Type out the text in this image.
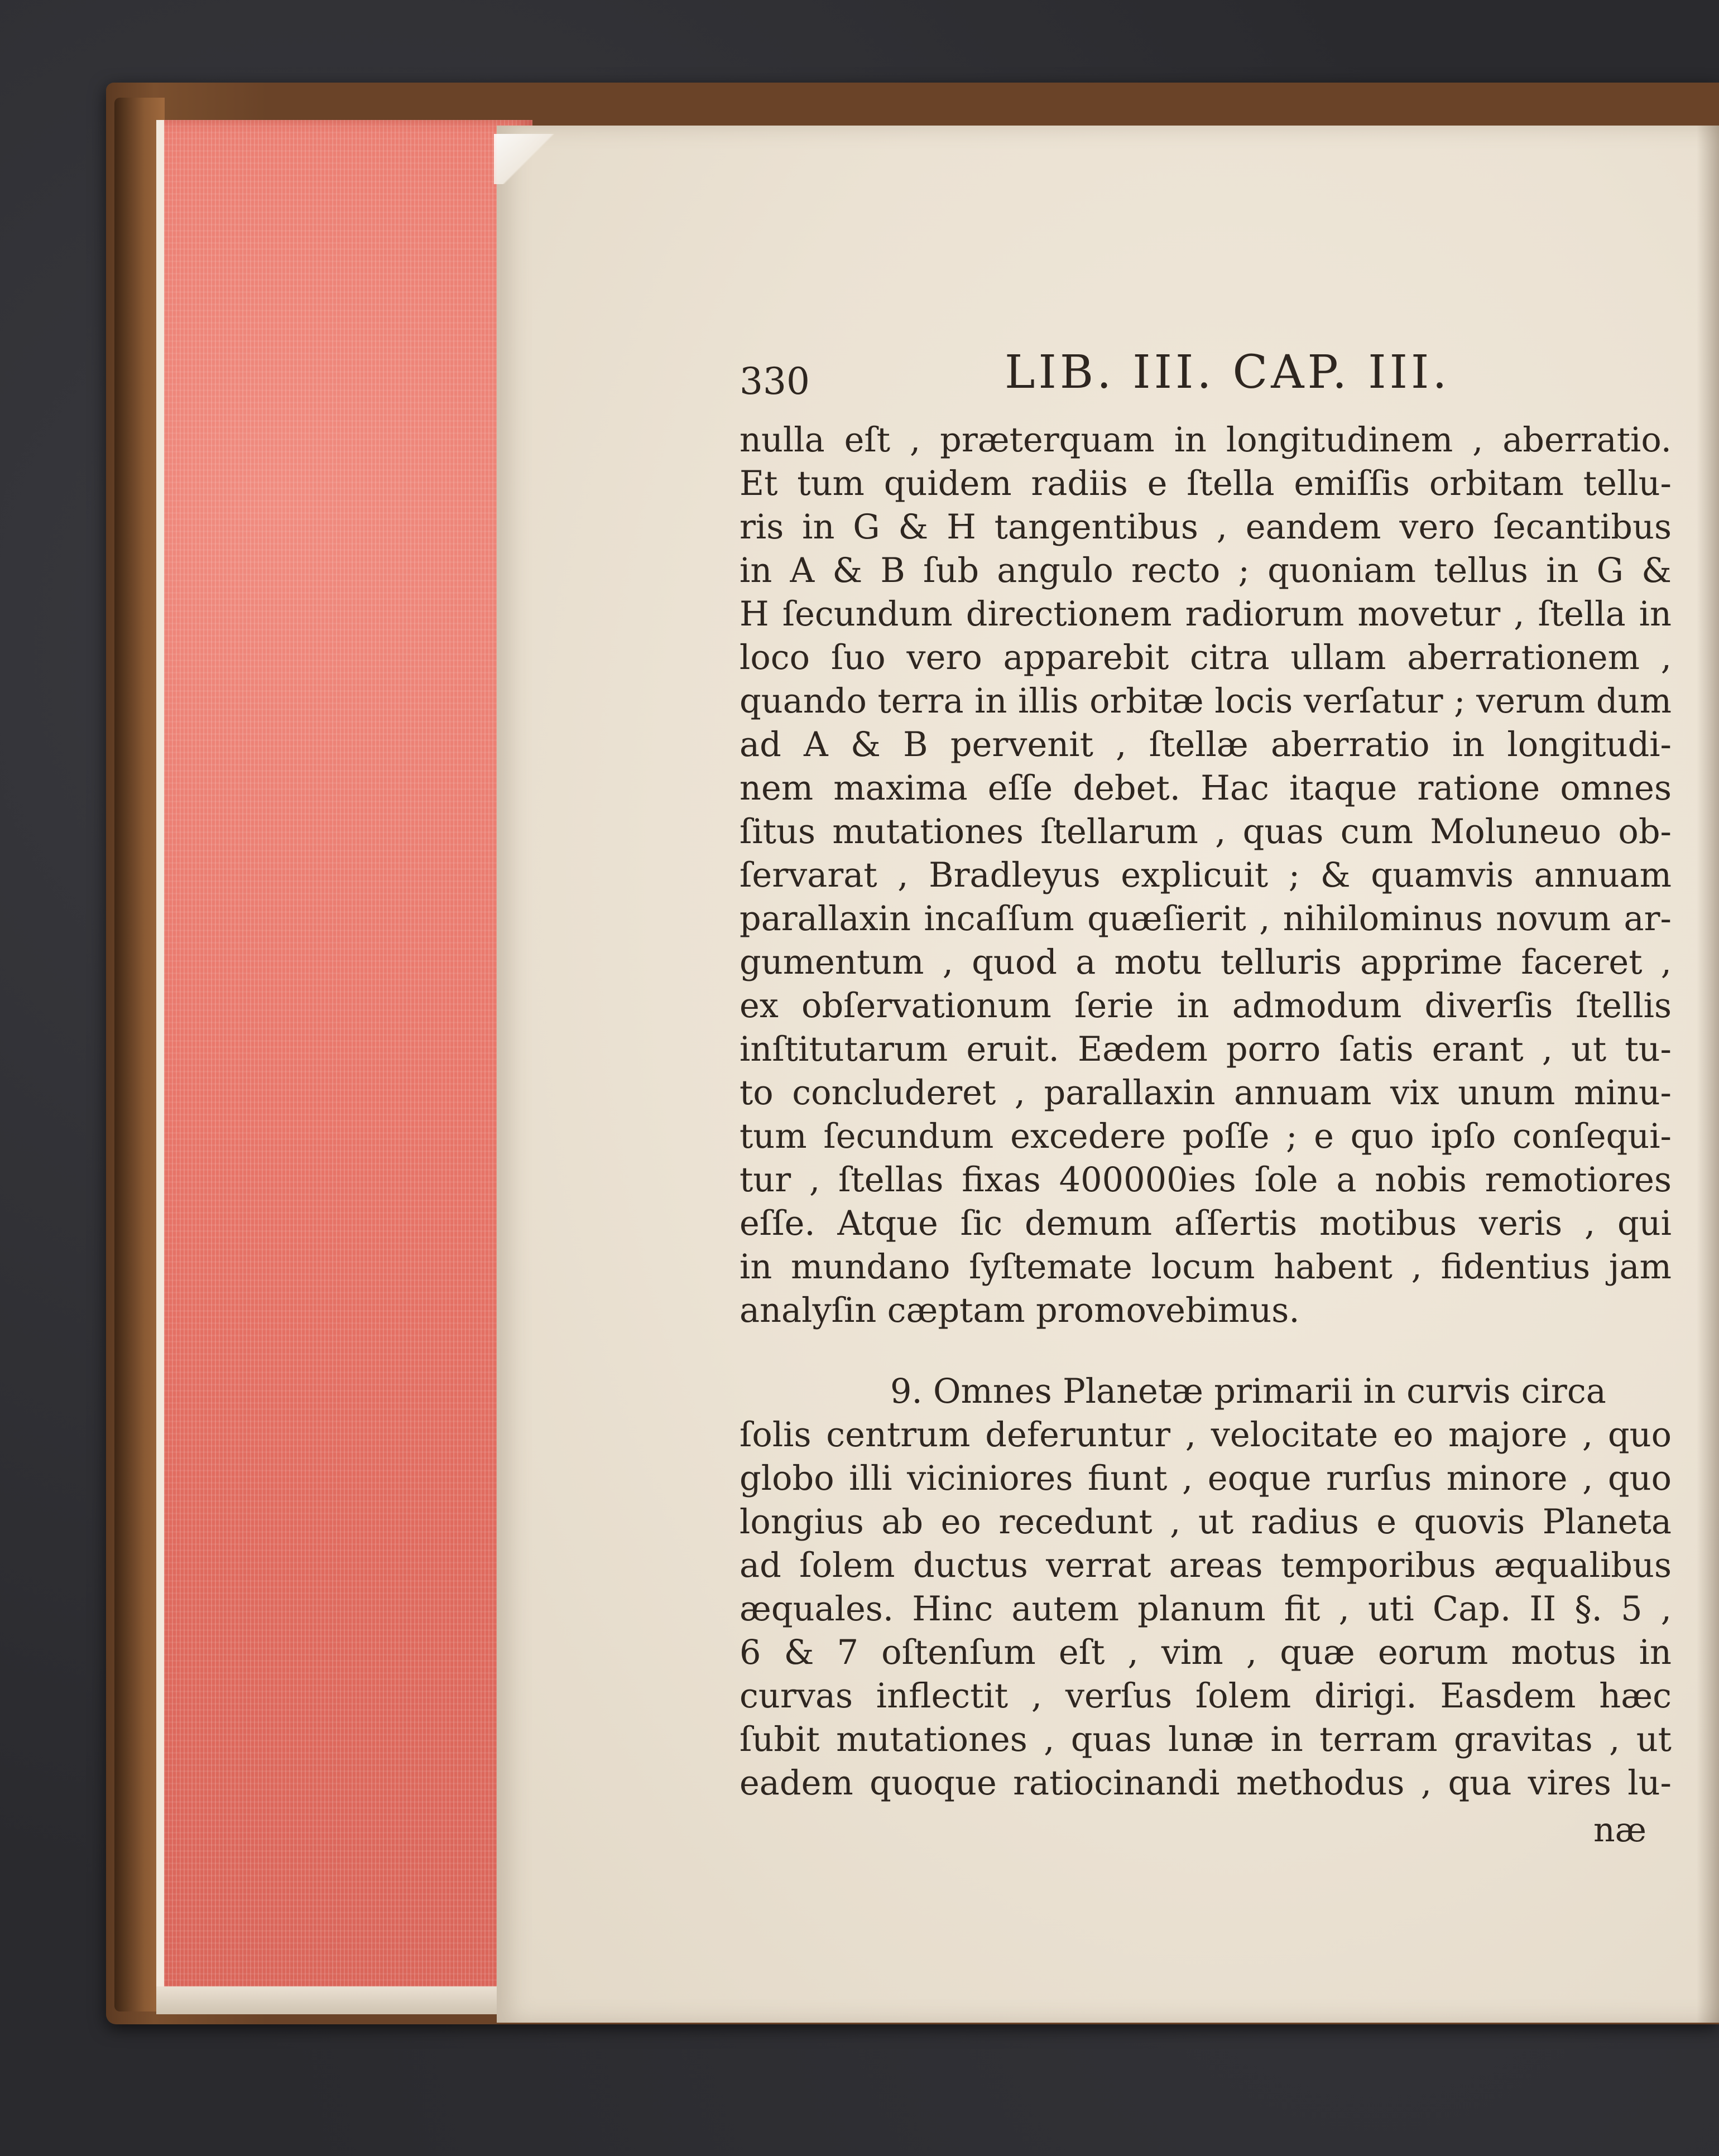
330	LIB. III. CAP. III.
nulla eſt , præterquam in longitudinem , aberratio.
Et tum quidem radiis e ſtella emiſſis orbitam tellu-
ris in G & H tangentibus , eandem vero ſecantibus
in A & B ſub angulo recto ; quoniam tellus in G &
H ſecundum directionem radiorum movetur , ſtella in
loco ſuo vero apparebit citra ullam aberrationem ,
quando terra in illis orbitæ locis verſatur ; verum dum
ad A & B pervenit , ſtellæ aberratio in longitudi-
nem maxima eſſe debet. Hac itaque ratione omnes
ſitus mutationes ſtellarum , quas cum Moluneuo ob-
ſervarat , Bradleyus explicuit ; & quamvis annuam
parallaxin incaſſum quæſierit , nihilominus novum ar-
gumentum , quod a motu telluris apprime faceret ,
ex obſervationum ſerie in admodum diverſis ſtellis
inſtitutarum eruit. Eædem porro ſatis erant , ut tu-
to concluderet , parallaxin annuam vix unum minu-
tum ſecundum excedere poſſe ; e quo ipſo conſequi-
tur , ſtellas fixas 400000ies ſole a nobis remotiores
eſſe. Atque ſic demum aſſertis motibus veris , qui
in mundano ſyſtemate locum habent , fidentius jam
analyſin cæptam promovebimus.
9. Omnes Planetæ primarii in curvis circa
ſolis centrum deferuntur , velocitate eo majore , quo
globo illi viciniores fiunt , eoque rurſus minore , quo
longius ab eo recedunt , ut radius e quovis Planeta
ad ſolem ductus verrat areas temporibus æqualibus
æquales. Hinc autem planum fit , uti Cap. II §. 5 ,
6 & 7 oſtenſum eſt , vim , quæ eorum motus in
curvas inflectit , verſus ſolem dirigi. Easdem hæc
ſubit mutationes , quas lunæ in terram gravitas , ut
eadem quoque ratiocinandi methodus , qua vires lu-
næ
